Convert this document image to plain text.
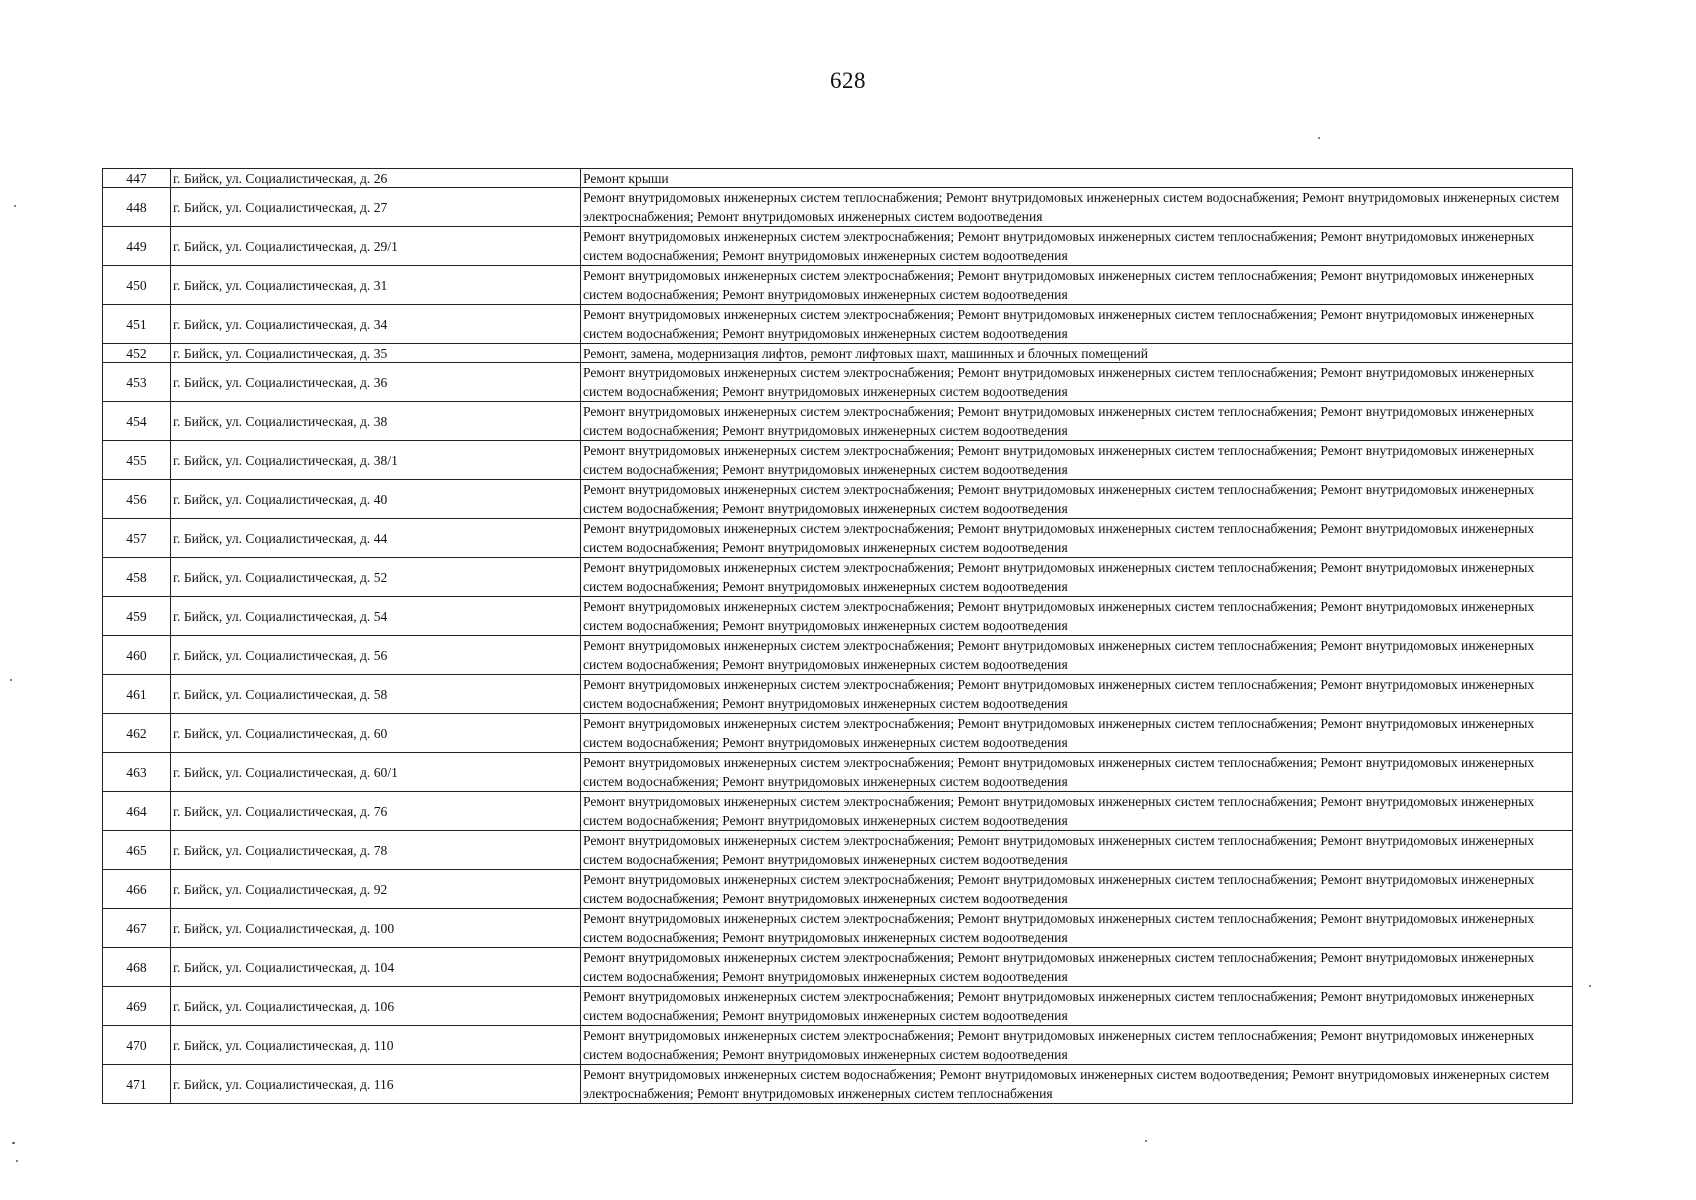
628
447	г. Бийск, ул. Социалистическая, д. 26	Ремонт крыши
448	г. Бийск, ул. Социалистическая, д. 27	Ремонт внутридомовых инженерных систем теплоснабжения; Ремонт внутридомовых инженерных систем водоснабжения; Ремонт внутридомовых инженерных систем электроснабжения; Ремонт внутридомовых инженерных систем водоотведения
449	г. Бийск, ул. Социалистическая, д. 29/1	Ремонт внутридомовых инженерных систем электроснабжения; Ремонт внутридомовых инженерных систем теплоснабжения; Ремонт внутридомовых инженерных систем водоснабжения; Ремонт внутридомовых инженерных систем водоотведения
450	г. Бийск, ул. Социалистическая, д. 31	Ремонт внутридомовых инженерных систем электроснабжения; Ремонт внутридомовых инженерных систем теплоснабжения; Ремонт внутридомовых инженерных систем водоснабжения; Ремонт внутридомовых инженерных систем водоотведения
451	г. Бийск, ул. Социалистическая, д. 34	Ремонт внутридомовых инженерных систем электроснабжения; Ремонт внутридомовых инженерных систем теплоснабжения; Ремонт внутридомовых инженерных систем водоснабжения; Ремонт внутридомовых инженерных систем водоотведения
452	г. Бийск, ул. Социалистическая, д. 35	Ремонт, замена, модернизация лифтов, ремонт лифтовых шахт, машинных и блочных помещений
453	г. Бийск, ул. Социалистическая, д. 36	Ремонт внутридомовых инженерных систем электроснабжения; Ремонт внутридомовых инженерных систем теплоснабжения; Ремонт внутридомовых инженерных систем водоснабжения; Ремонт внутридомовых инженерных систем водоотведения
454	г. Бийск, ул. Социалистическая, д. 38	Ремонт внутридомовых инженерных систем электроснабжения; Ремонт внутридомовых инженерных систем теплоснабжения; Ремонт внутридомовых инженерных систем водоснабжения; Ремонт внутридомовых инженерных систем водоотведения
455	г. Бийск, ул. Социалистическая, д. 38/1	Ремонт внутридомовых инженерных систем электроснабжения; Ремонт внутридомовых инженерных систем теплоснабжения; Ремонт внутридомовых инженерных систем водоснабжения; Ремонт внутридомовых инженерных систем водоотведения
456	г. Бийск, ул. Социалистическая, д. 40	Ремонт внутридомовых инженерных систем электроснабжения; Ремонт внутридомовых инженерных систем теплоснабжения; Ремонт внутридомовых инженерных систем водоснабжения; Ремонт внутридомовых инженерных систем водоотведения
457	г. Бийск, ул. Социалистическая, д. 44	Ремонт внутридомовых инженерных систем электроснабжения; Ремонт внутридомовых инженерных систем теплоснабжения; Ремонт внутридомовых инженерных систем водоснабжения; Ремонт внутридомовых инженерных систем водоотведения
458	г. Бийск, ул. Социалистическая, д. 52	Ремонт внутридомовых инженерных систем электроснабжения; Ремонт внутридомовых инженерных систем теплоснабжения; Ремонт внутридомовых инженерных систем водоснабжения; Ремонт внутридомовых инженерных систем водоотведения
459	г. Бийск, ул. Социалистическая, д. 54	Ремонт внутридомовых инженерных систем электроснабжения; Ремонт внутридомовых инженерных систем теплоснабжения; Ремонт внутридомовых инженерных систем водоснабжения; Ремонт внутридомовых инженерных систем водоотведения
460	г. Бийск, ул. Социалистическая, д. 56	Ремонт внутридомовых инженерных систем электроснабжения; Ремонт внутридомовых инженерных систем теплоснабжения; Ремонт внутридомовых инженерных систем водоснабжения; Ремонт внутридомовых инженерных систем водоотведения
461	г. Бийск, ул. Социалистическая, д. 58	Ремонт внутридомовых инженерных систем электроснабжения; Ремонт внутридомовых инженерных систем теплоснабжения; Ремонт внутридомовых инженерных систем водоснабжения; Ремонт внутридомовых инженерных систем водоотведения
462	г. Бийск, ул. Социалистическая, д. 60	Ремонт внутридомовых инженерных систем электроснабжения; Ремонт внутридомовых инженерных систем теплоснабжения; Ремонт внутридомовых инженерных систем водоснабжения; Ремонт внутридомовых инженерных систем водоотведения
463	г. Бийск, ул. Социалистическая, д. 60/1	Ремонт внутридомовых инженерных систем электроснабжения; Ремонт внутридомовых инженерных систем теплоснабжения; Ремонт внутридомовых инженерных систем водоснабжения; Ремонт внутридомовых инженерных систем водоотведения
464	г. Бийск, ул. Социалистическая, д. 76	Ремонт внутридомовых инженерных систем электроснабжения; Ремонт внутридомовых инженерных систем теплоснабжения; Ремонт внутридомовых инженерных систем водоснабжения; Ремонт внутридомовых инженерных систем водоотведения
465	г. Бийск, ул. Социалистическая, д. 78	Ремонт внутридомовых инженерных систем электроснабжения; Ремонт внутридомовых инженерных систем теплоснабжения; Ремонт внутридомовых инженерных систем водоснабжения; Ремонт внутридомовых инженерных систем водоотведения
466	г. Бийск, ул. Социалистическая, д. 92	Ремонт внутридомовых инженерных систем электроснабжения; Ремонт внутридомовых инженерных систем теплоснабжения; Ремонт внутридомовых инженерных систем водоснабжения; Ремонт внутридомовых инженерных систем водоотведения
467	г. Бийск, ул. Социалистическая, д. 100	Ремонт внутридомовых инженерных систем электроснабжения; Ремонт внутридомовых инженерных систем теплоснабжения; Ремонт внутридомовых инженерных систем водоснабжения; Ремонт внутридомовых инженерных систем водоотведения
468	г. Бийск, ул. Социалистическая, д. 104	Ремонт внутридомовых инженерных систем электроснабжения; Ремонт внутридомовых инженерных систем теплоснабжения; Ремонт внутридомовых инженерных систем водоснабжения; Ремонт внутридомовых инженерных систем водоотведения
469	г. Бийск, ул. Социалистическая, д. 106	Ремонт внутридомовых инженерных систем электроснабжения; Ремонт внутридомовых инженерных систем теплоснабжения; Ремонт внутридомовых инженерных систем водоснабжения; Ремонт внутридомовых инженерных систем водоотведения
470	г. Бийск, ул. Социалистическая, д. 110	Ремонт внутридомовых инженерных систем электроснабжения; Ремонт внутридомовых инженерных систем теплоснабжения; Ремонт внутридомовых инженерных систем водоснабжения; Ремонт внутридомовых инженерных систем водоотведения
471	г. Бийск, ул. Социалистическая, д. 116	Ремонт внутридомовых инженерных систем водоснабжения; Ремонт внутридомовых инженерных систем водоотведения; Ремонт внутридомовых инженерных систем электроснабжения; Ремонт внутридомовых инженерных систем теплоснабжения
